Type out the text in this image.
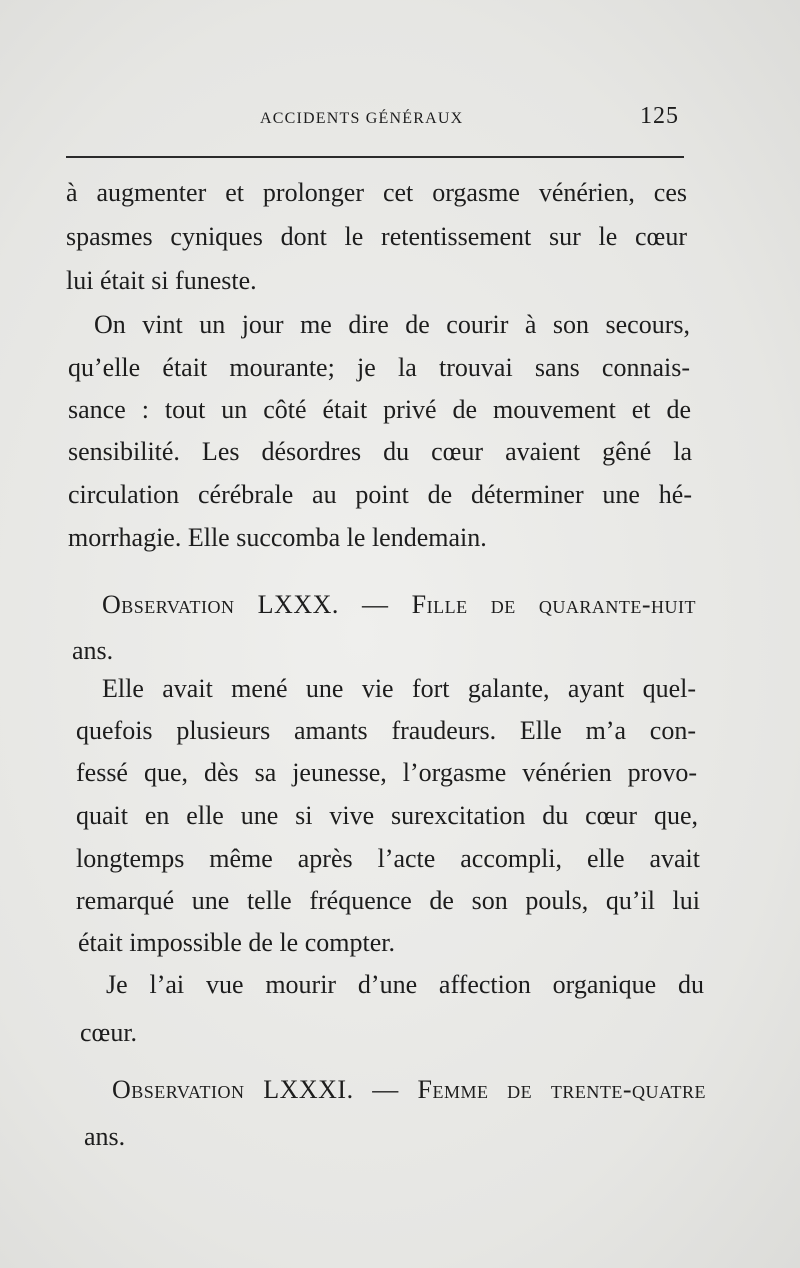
ACCIDENTS GÉNÉRAUX	125
à augmenter et prolonger cet orgasme vénérien, ces
spasmes cyniques dont le retentissement sur le cœur
lui était si funeste.
On vint un jour me dire de courir à son secours,
qu’elle était mourante; je la trouvai sans connais-
sance : tout un côté était privé de mouvement et de
sensibilité. Les désordres du cœur avaient gêné la
circulation cérébrale au point de déterminer une hé-
morrhagie. Elle succomba le lendemain.
Observation LXXX. — Fille de quarante-huit
ans.
Elle avait mené une vie fort galante, ayant quel-
quefois plusieurs amants fraudeurs. Elle m’a con-
fessé que, dès sa jeunesse, l’orgasme vénérien provo-
quait en elle une si vive surexcitation du cœur que,
longtemps même après l’acte accompli, elle avait
remarqué une telle fréquence de son pouls, qu’il lui
était impossible de le compter.
Je l’ai vue mourir d’une affection organique du
cœur.
Observation LXXXI. — Femme de trente-quatre
ans.
